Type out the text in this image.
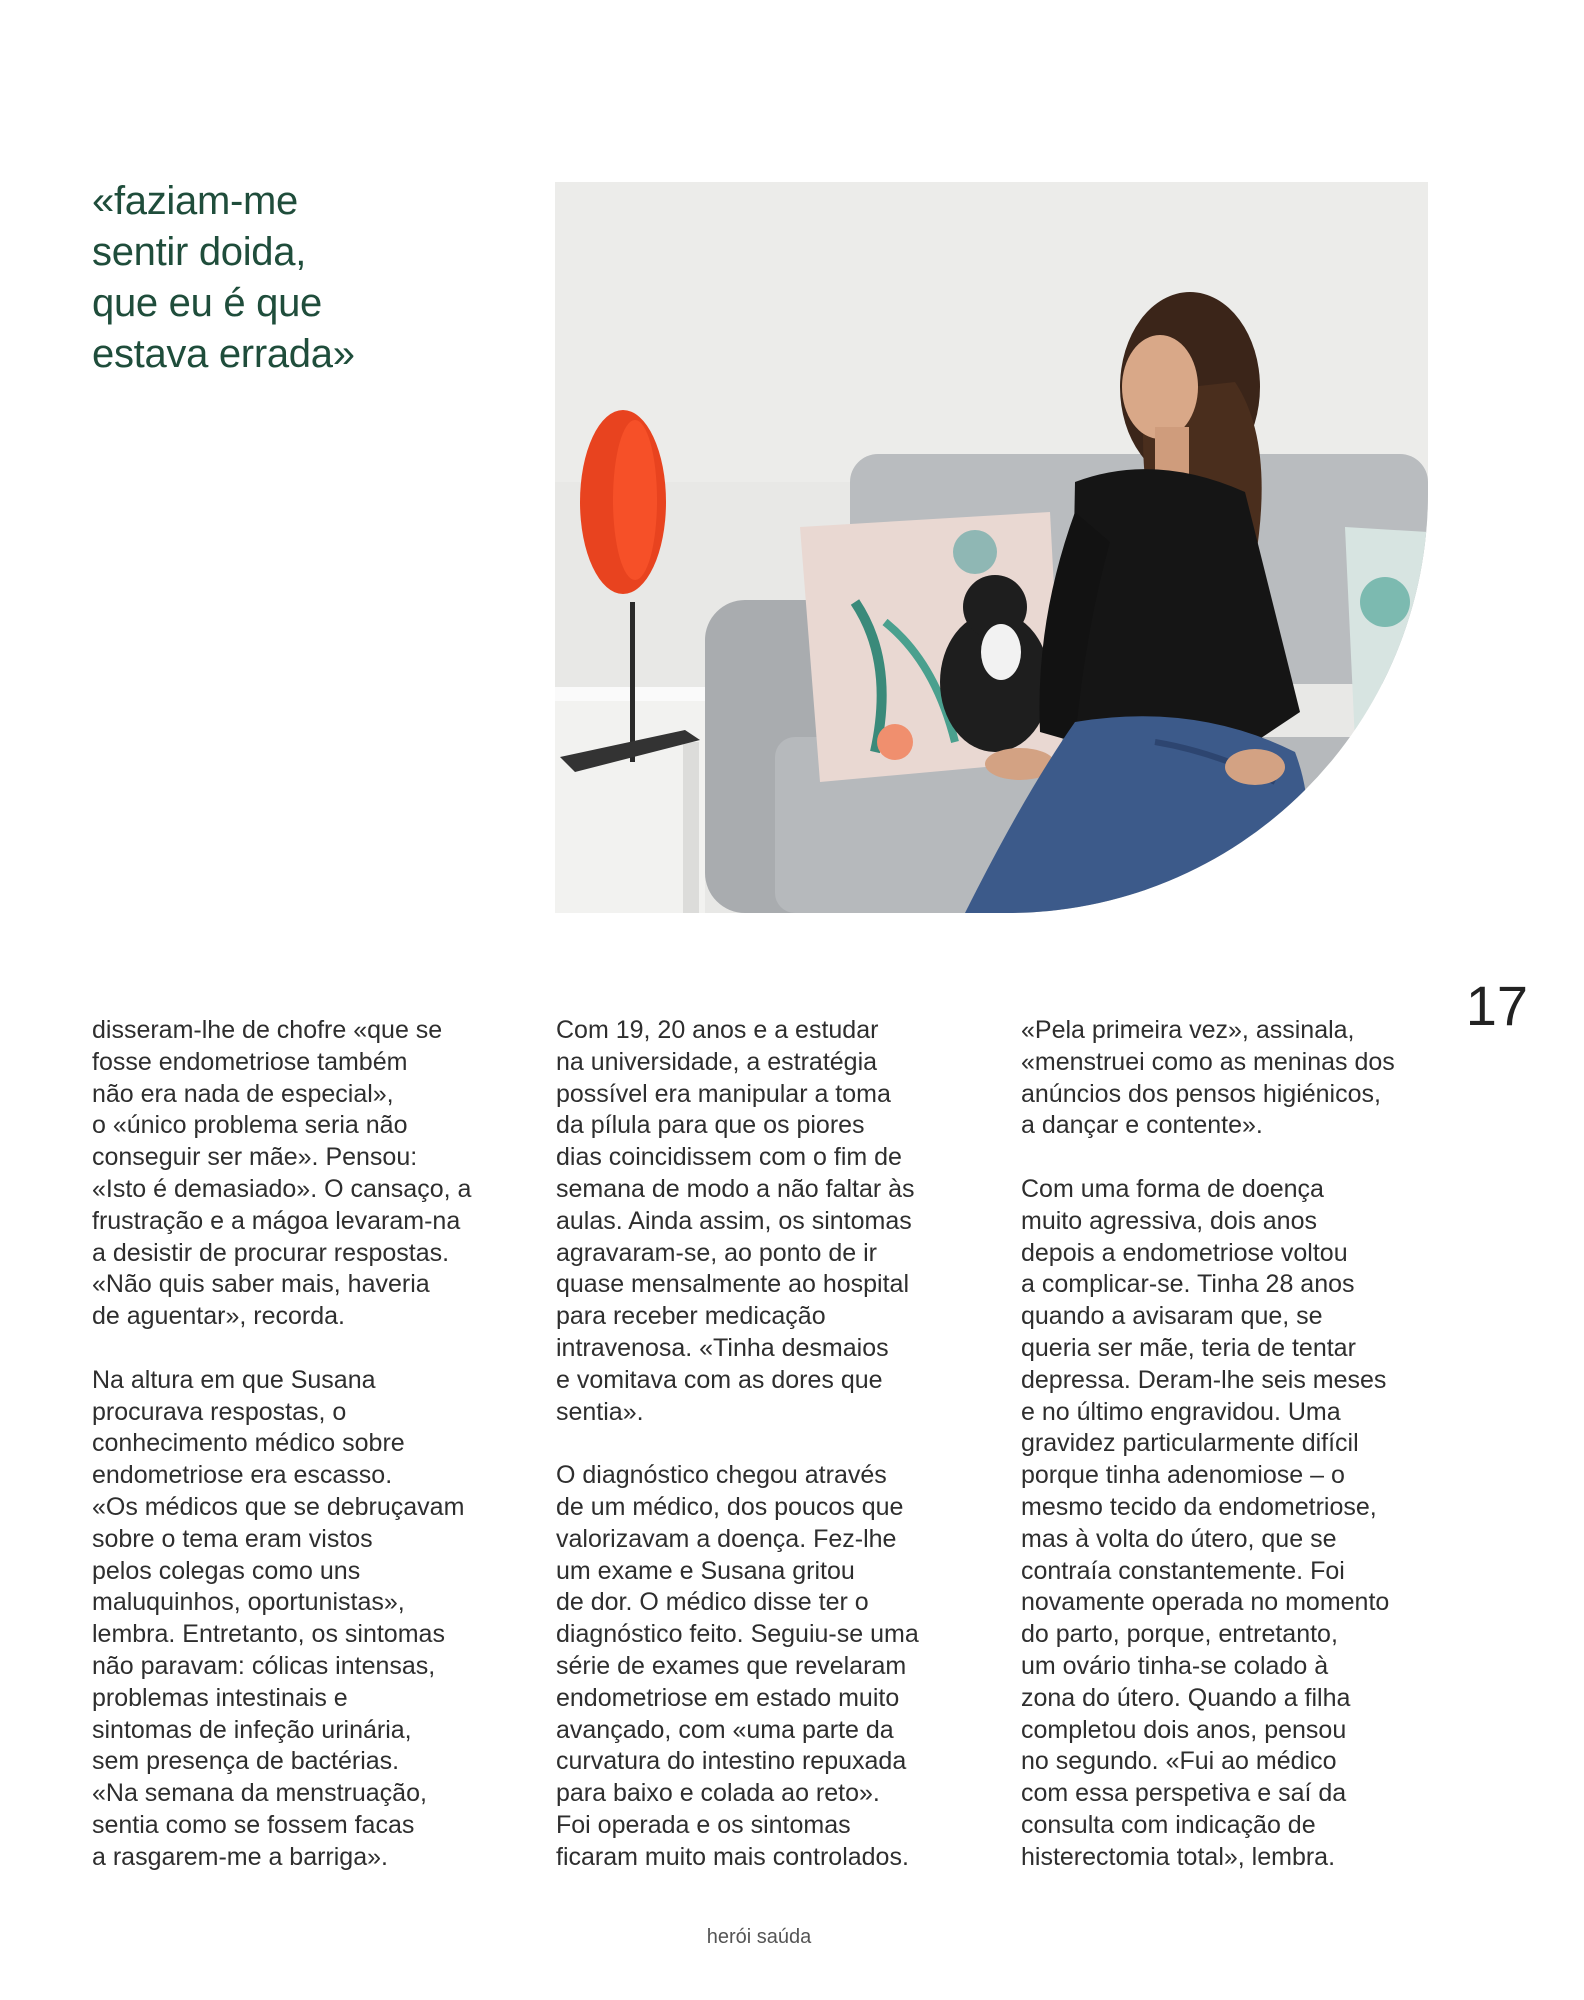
«faziam-me
sentir doida,
que eu é que
estava errada»
17

disseram-lhe de chofre «que se
fosse endometriose também
não era nada de especial»,
o «único problema seria não
conseguir ser mãe». Pensou:
«Isto é demasiado». O cansaço, a
frustração e a mágoa levaram-na
a desistir de procurar respostas.
«Não quis saber mais, haveria
de aguentar», recorda.

Na altura em que Susana
procurava respostas, o
conhecimento médico sobre
endometriose era escasso.
«Os médicos que se debruçavam
sobre o tema eram vistos
pelos colegas como uns
maluquinhos, oportunistas»,
lembra. Entretanto, os sintomas
não paravam: cólicas intensas,
problemas intestinais e
sintomas de infeção urinária,
sem presença de bactérias.
«Na semana da menstruação,
sentia como se fossem facas
a rasgarem-me a barriga».

Com 19, 20 anos e a estudar
na universidade, a estratégia
possível era manipular a toma
da pílula para que os piores
dias coincidissem com o fim de
semana de modo a não faltar às
aulas. Ainda assim, os sintomas
agravaram-se, ao ponto de ir
quase mensalmente ao hospital
para receber medicação
intravenosa. «Tinha desmaios
e vomitava com as dores que
sentia».

O diagnóstico chegou através
de um médico, dos poucos que
valorizavam a doença. Fez-lhe
um exame e Susana gritou
de dor. O médico disse ter o
diagnóstico feito. Seguiu-se uma
série de exames que revelaram
endometriose em estado muito
avançado, com «uma parte da
curvatura do intestino repuxada
para baixo e colada ao reto».
Foi operada e os sintomas
ficaram muito mais controlados.

«Pela primeira vez», assinala,
«menstruei como as meninas dos
anúncios dos pensos higiénicos,
a dançar e contente».

Com uma forma de doença
muito agressiva, dois anos
depois a endometriose voltou
a complicar-se. Tinha 28 anos
quando a avisaram que, se
queria ser mãe, teria de tentar
depressa. Deram-lhe seis meses
e no último engravidou. Uma
gravidez particularmente difícil
porque tinha adenomiose – o
mesmo tecido da endometriose,
mas à volta do útero, que se
contraía constantemente. Foi
novamente operada no momento
do parto, porque, entretanto,
um ovário tinha-se colado à
zona do útero. Quando a filha
completou dois anos, pensou
no segundo. «Fui ao médico
com essa perspetiva e saí da
consulta com indicação de
histerectomia total», lembra.

herói saúda
